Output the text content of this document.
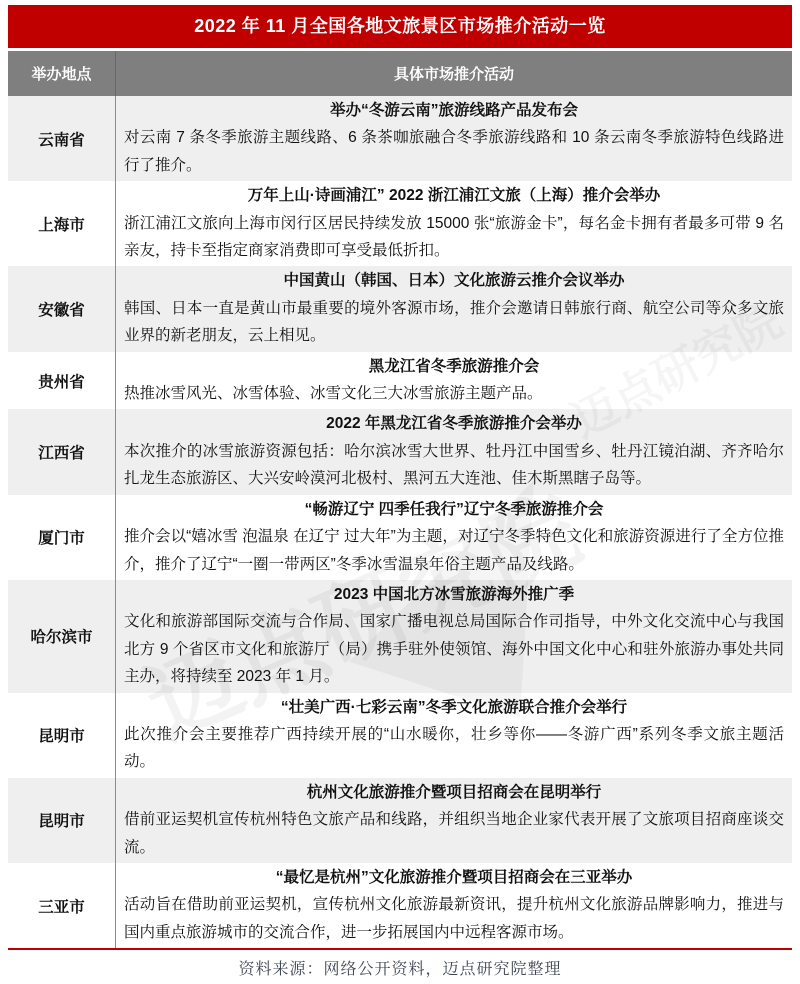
2022 年 11 月全国各地文旅景区市场推介活动一览
举办地点	具体市场推介活动
云南省
举办“冬游云南”旅游线路产品发布会
对云南 7 条冬季旅游主题线路、6 条茶咖旅融合冬季旅游线路和 10 条云南冬季旅游特色线路进行了推介。
上海市
万年上山·诗画浦江” 2022 浙江浦江文旅（上海）推介会举办
浙江浦江文旅向上海市闵行区居民持续发放 15000 张“旅游金卡”，每名金卡拥有者最多可带 9 名亲友，持卡至指定商家消费即可享受最低折扣。
安徽省
中国黄山（韩国、日本）文化旅游云推介会议举办
韩国、日本一直是黄山市最重要的境外客源市场，推介会邀请日韩旅行商、航空公司等众多文旅业界的新老朋友，云上相见。
贵州省
黑龙江省冬季旅游推介会
热推冰雪风光、冰雪体验、冰雪文化三大冰雪旅游主题产品。
江西省
2022 年黑龙江省冬季旅游推介会举办
本次推介的冰雪旅游资源包括：哈尔滨冰雪大世界、牡丹江中国雪乡、牡丹江镜泊湖、齐齐哈尔扎龙生态旅游区、大兴安岭漠河北极村、黑河五大连池、佳木斯黑瞎子岛等。
厦门市
“畅游辽宁 四季任我行”辽宁冬季旅游推介会
推介会以“嬉冰雪 泡温泉 在辽宁 过大年”为主题，对辽宁冬季特色文化和旅游资源进行了全方位推介，推介了辽宁“一圈一带两区”冬季冰雪温泉年俗主题产品及线路。
哈尔滨市
2023 中国北方冰雪旅游海外推广季
文化和旅游部国际交流与合作局、国家广播电视总局国际合作司指导，中外文化交流中心与我国北方 9 个省区市文化和旅游厅（局）携手驻外使领馆、海外中国文化中心和驻外旅游办事处共同主办，将持续至 2023 年 1 月。
昆明市
“壮美广西·七彩云南”冬季文化旅游联合推介会举行
此次推介会主要推荐广西持续开展的“山水暖你，壮乡等你——冬游广西”系列冬季文旅主题活动。
昆明市
杭州文化旅游推介暨项目招商会在昆明举行
借前亚运契机宣传杭州特色文旅产品和线路，并组织当地企业家代表开展了文旅项目招商座谈交流。
三亚市
“最忆是杭州”文化旅游推介暨项目招商会在三亚举办
活动旨在借助前亚运契机，宣传杭州文化旅游最新资讯，提升杭州文化旅游品牌影响力，推进与国内重点旅游城市的交流合作，进一步拓展国内中远程客源市场。
资料来源：网络公开资料，迈点研究院整理
